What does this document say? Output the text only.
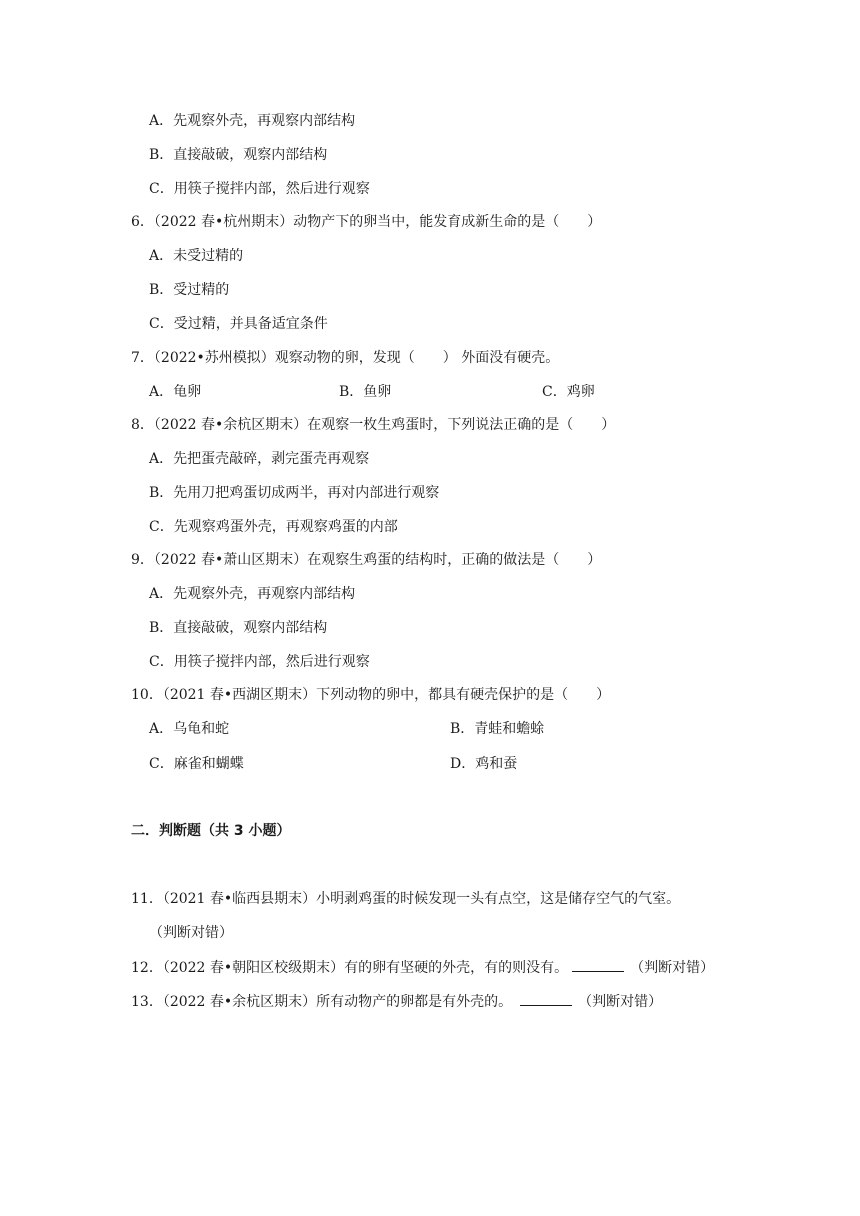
A．先观察外壳，再观察内部结构
B．直接敲破，观察内部结构
C．用筷子搅拌内部，然后进行观察
6．（2022 春•杭州期末）动物产下的卵当中，能发育成新生命的是（　　）
A．未受过精的
B．受过精的
C．受过精，并具备适宜条件
7．（2022•苏州模拟）观察动物的卵，发现（　　） 外面没有硬壳。
A．龟卵	B．鱼卵	C．鸡卵
8．（2022 春•余杭区期末）在观察一枚生鸡蛋时，下列说法正确的是（　　）
A．先把蛋壳敲碎，剥完蛋壳再观察
B．先用刀把鸡蛋切成两半，再对内部进行观察
C．先观察鸡蛋外壳，再观察鸡蛋的内部
9．（2022 春•萧山区期末）在观察生鸡蛋的结构时，正确的做法是（　　）
A．先观察外壳，再观察内部结构
B．直接敲破，观察内部结构
C．用筷子搅拌内部，然后进行观察
10．（2021 春•西湖区期末）下列动物的卵中，都具有硬壳保护的是（　　）
A．乌龟和蛇	B．青蛙和蟾蜍
C．麻雀和蝴蝶	D．鸡和蚕
二．判断题（共 3 小题）
11．（2021 春•临西县期末）小明剥鸡蛋的时候发现一头有点空，这是储存空气的气室。
（判断对错）
12．（2022 春•朝阳区校级期末）有的卵有坚硬的外壳，有的则没有。	（判断对错）
13．（2022 春•余杭区期末）所有动物产的卵都是有外壳的。	（判断对错）
